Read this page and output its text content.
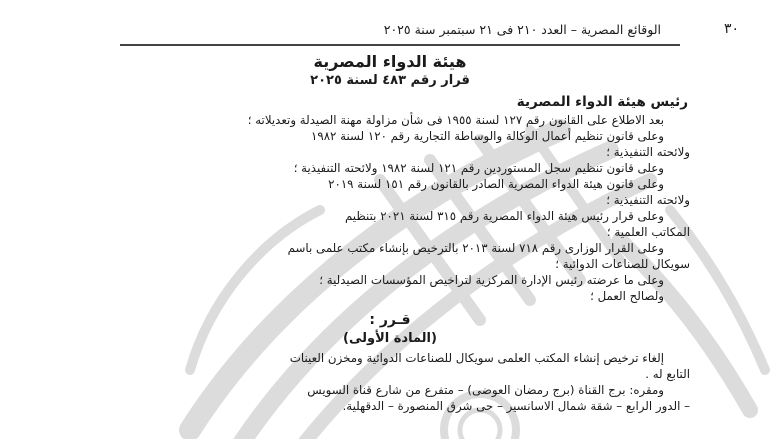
٣٠
الوقائع المصرية – العدد ٢١٠ فى ٢١ سبتمبر سنة ٢٠٢٥

هيئة الدواء المصرية

قرار رقم ٤٨٣ لسنة ٢٠٢٥

رئيس هيئة الدواء المصرية

بعد الاطلاع على القانون رقم ١٢٧ لسنة ١٩٥٥ فى شأن مزاولة مهنة الصيدلة وتعديلاته ؛

وعلى قانون تنظيم أعمال الوكالة والوساطة التجارية رقم ١٢٠ لسنة ١٩٨٢

ولائحته التنفيذية ؛

وعلى قانون تنظيم سجل المستوردين رقم ١٢١ لسنة ١٩٨٢ ولائحته التنفيذية ؛

وعلى قانون هيئة الدواء المصرية الصادر بالقانون رقم ١٥١ لسنة ٢٠١٩

ولائحته التنفيذية ؛

وعلى قرار رئيس هيئة الدواء المصرية رقم ٣١٥ لسنة ٢٠٢١ بتنظيم

المكاتب العلمية ؛

وعلى القرار الوزارى رقم ٧١٨ لسنة ٢٠١٣ بالترخيص بإنشاء مكتب علمى باسم

سويكال للصناعات الدوائية ؛

وعلى ما عرضته رئيس الإدارة المركزية لتراخيص المؤسسات الصيدلية ؛

ولصالح العمل ؛

قـرر :

(المادة الأولى)

إلغاء ترخيص إنشاء المكتب العلمى سويكال للصناعات الدوائية ومخزن العينات

التابع له .

ومقره: برج القناة (برج رمضان العوضى) – متفرع من شارع قناة السويس

– الدور الرابع – شقة شمال الاسانسير – حى شرق المنصورة – الدقهلية.
